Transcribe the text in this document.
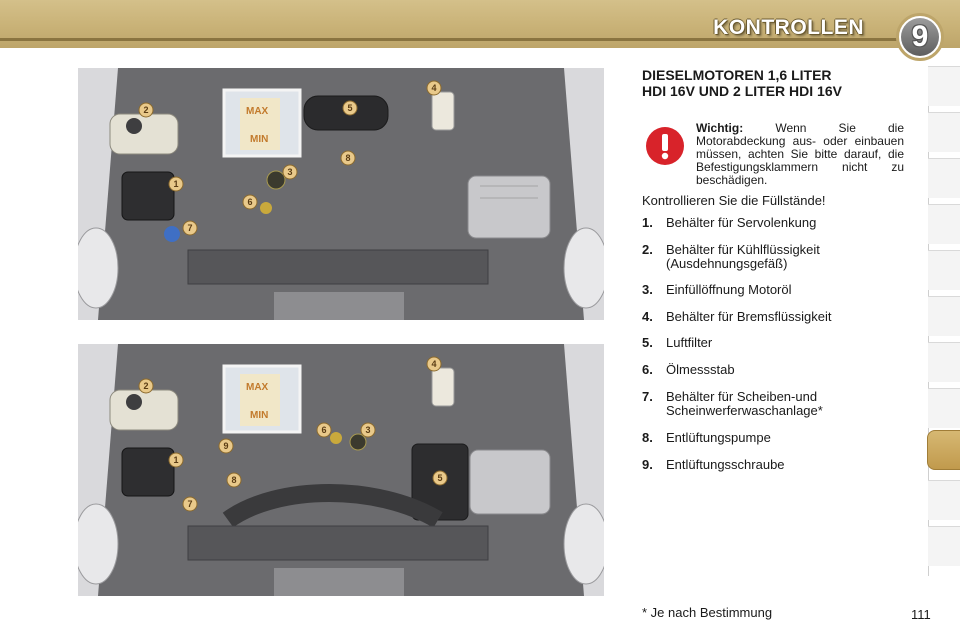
KONTROLLEN	9
1
2
3
4
5
6
7
8
MAX
MIN
1
2
3
4
5
6
7
8
9
MAX
MIN
DIESELMOTOREN 1,6 LITER
HDI 16V UND 2 LITER HDI 16V
Wichtig:	Wenn Sie die Motorabdeckung aus- oder einbauen müssen, achten Sie bitte darauf, die Befestigungsklammern nicht zu beschädigen.
Kontrollieren Sie die Füllstände!
1. Behälter für Servolenkung
2. Behälter für Kühlflüssigkeit (Ausdehnungsgefäß)
3. Einfüllöffnung Motoröl
4. Behälter für Bremsflüssigkeit
5. Luftfilter
6. Ölmessstab
7. Behälter für Scheiben-und Scheinwerferwaschanlage*
8. Entlüftungspumpe
9. Entlüftungsschraube
* Je nach Bestimmung	111
